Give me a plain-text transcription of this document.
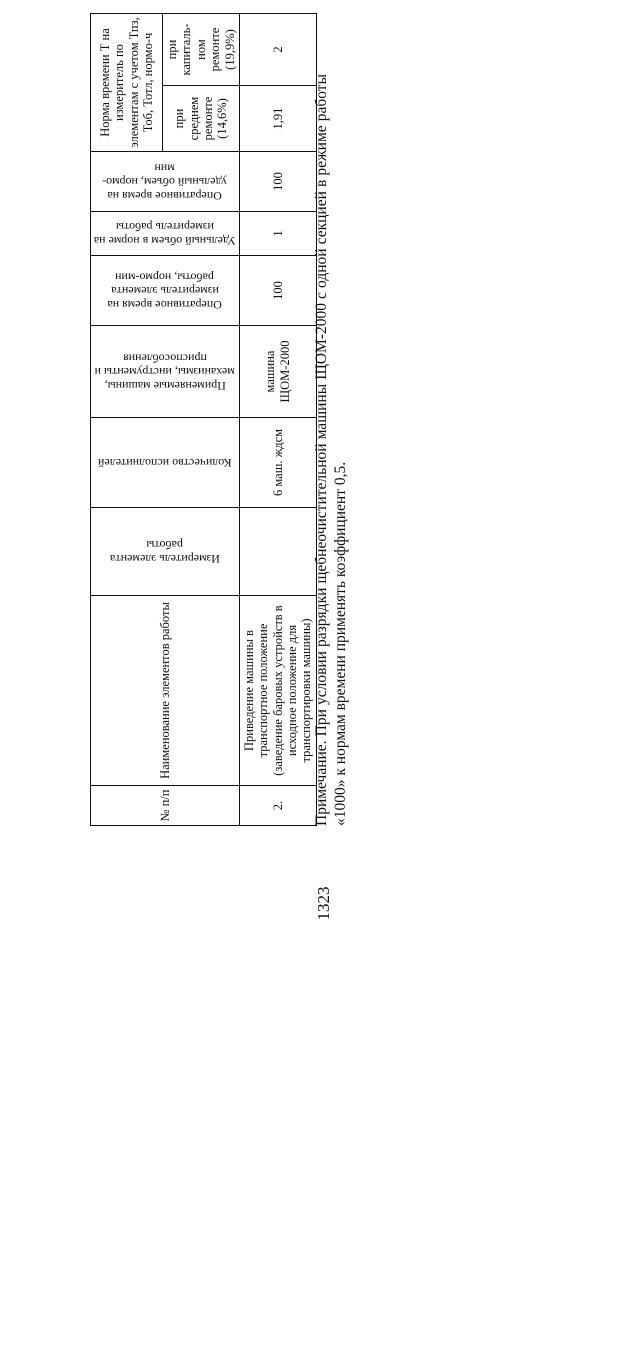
1323
№ п/п	Наименование элементов работы	Измеритель элемента работы	Количество исполнителей	Применяемые машины, механизмы, инструменты и приспособления	Оперативное время на измеритель элемента работы, нормо-мин	Удельный объем в норме на измеритель работы	Оперативное время на удельный объем, нормо-мин	Норма времени Т на измеритель по элементам с учетом Тпз, Тоб, Тотл, нормо-ч	
								при среднем ремонте (14,6%)	при капиталь-ном ремонте (19,9%)
2.	Приведение машины в транспортное положение (заведение баровых устройств в исходное положение для транспортировки машины)		6 маш. ждсм	машина ЩОМ-2000	100	1	100	1,91	2
Примечание. При условии разрядки щебнеочистительной машины ЩОМ-2000 с одной секцией в режиме работы «1000» к нормам времени применять коэффициент 0,5.
